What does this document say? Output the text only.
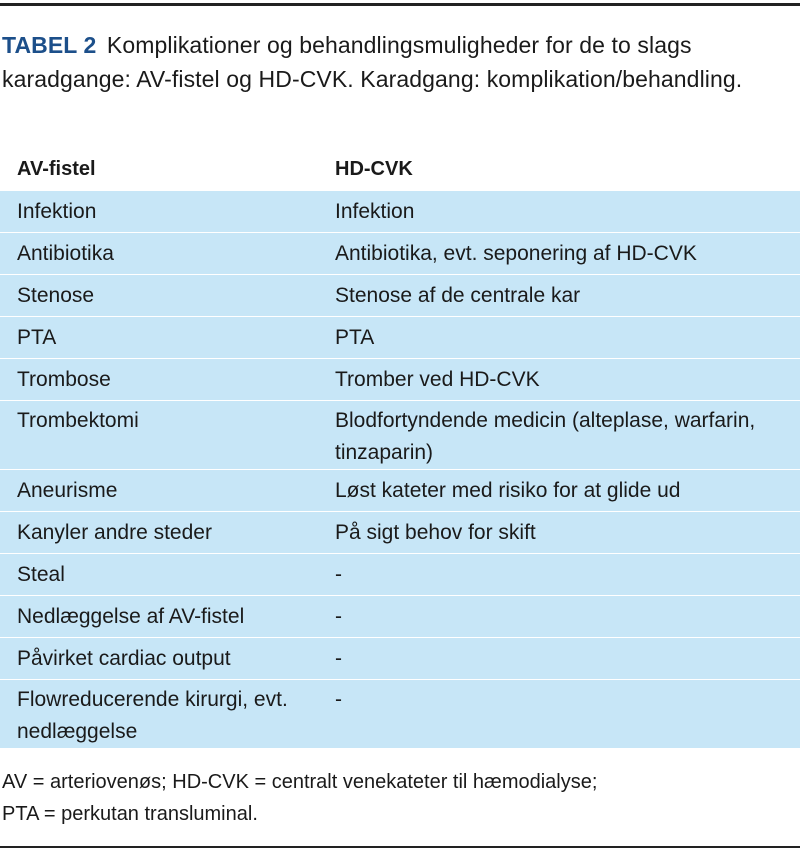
TABEL 2 Komplikationer og behandlingsmuligheder for de to slags karadgange: AV-fistel og HD-CVK. Karadgang: komplikation/behandling.
AV-fistel	HD-CVK
Infektion	Infektion
Antibiotika	Antibiotika, evt. seponering af HD-CVK
Stenose	Stenose af de centrale kar
PTA	PTA
Trombose	Tromber ved HD-CVK
Trombektomi	Blodfortyndende medicin (alteplase, warfarin, tinzaparin)
Aneurisme	Løst kateter med risiko for at glide ud
Kanyler andre steder	På sigt behov for skift
Steal	-
Nedlæggelse af AV-fistel	-
Påvirket cardiac output	-
Flowreducerende kirurgi, evt. nedlæggelse	-
AV = arteriovenøs; HD-CVK = centralt venekateter til hæmodialyse;
PTA = perkutan transluminal.
